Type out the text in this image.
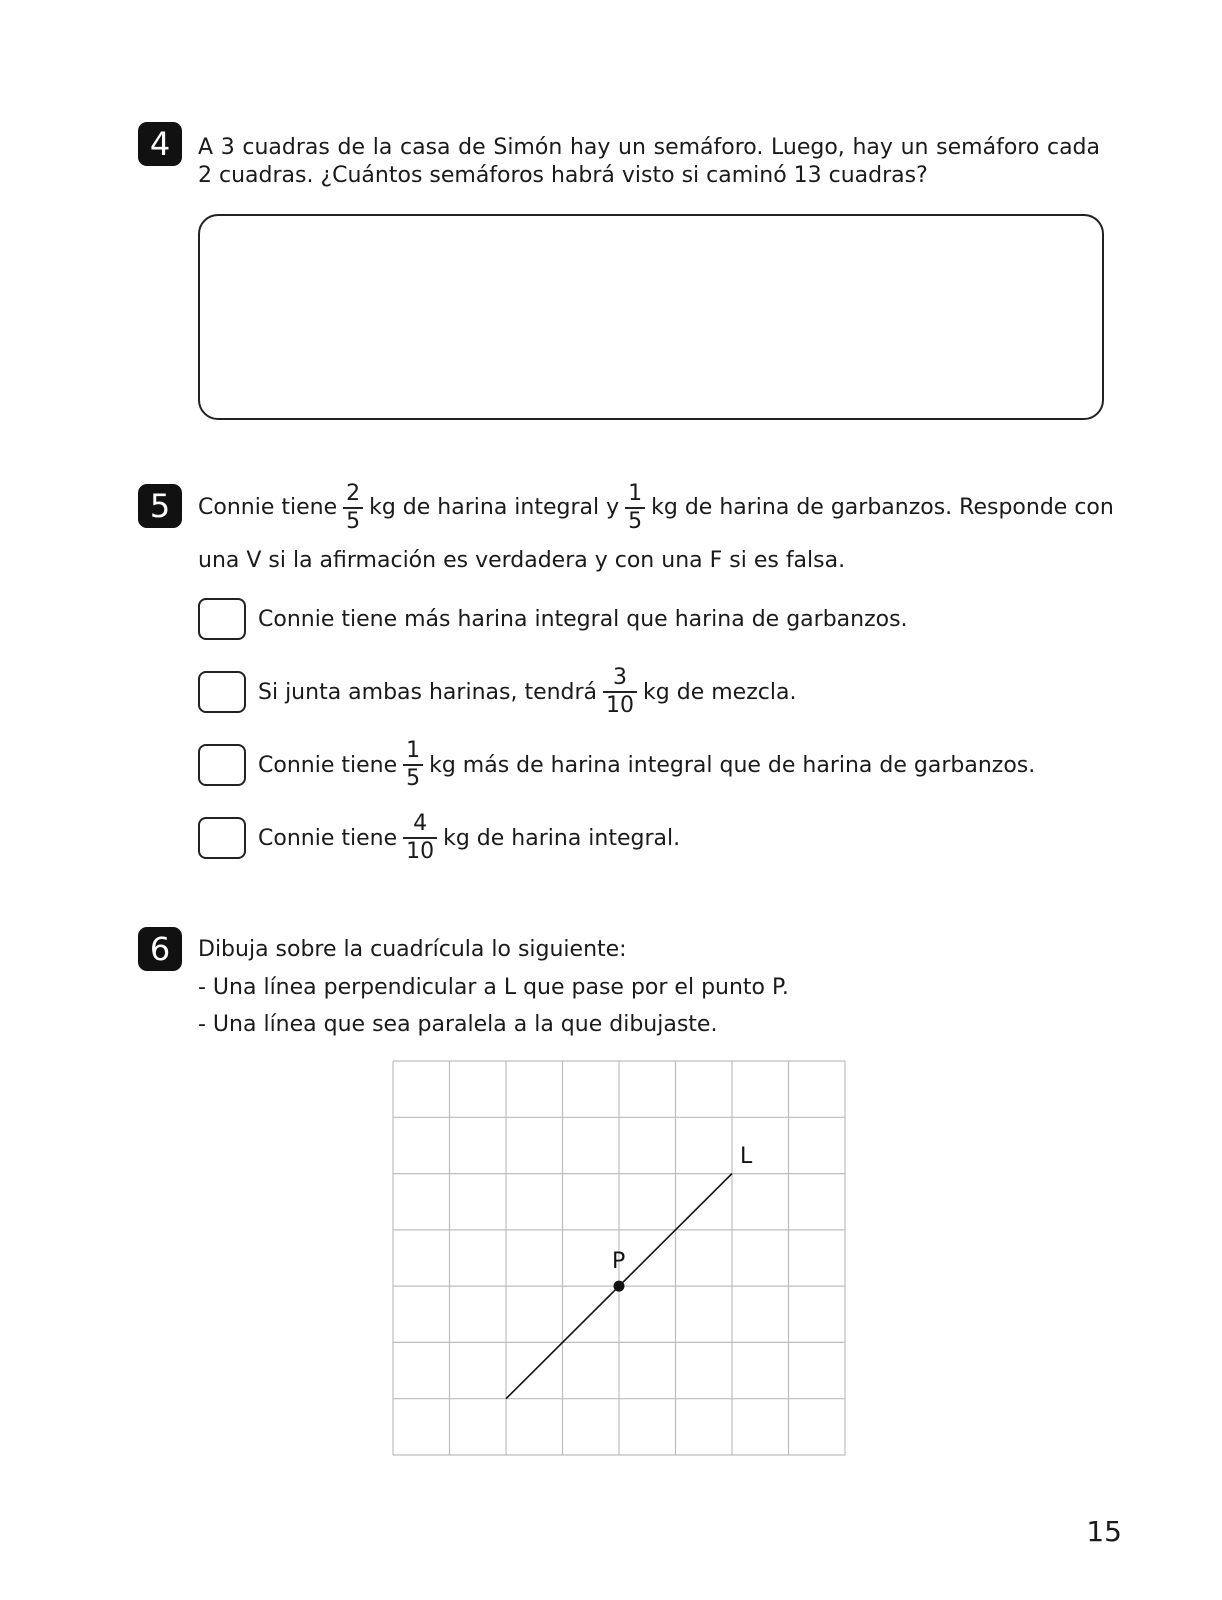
4	A 3 cuadras de la casa de Simón hay un semáforo. Luego, hay un semáforo cada 2 cuadras. ¿Cuántos semáforos habrá visto si caminó 13 cuadras?
5	Connie tiene $\frac{2}{5}$ kg de harina integral y $\frac{1}{5}$ kg de harina de garbanzos. Responde con
una V si la afirmación es verdadera y con una F si es falsa.
Connie tiene más harina integral que harina de garbanzos.
Si junta ambas harinas, tendrá $\frac{3}{10}$ kg de mezcla.
Connie tiene $\frac{1}{5}$ kg más de harina integral que de harina de garbanzos.
Connie tiene $\frac{4}{10}$ kg de harina integral.
6	Dibuja sobre la cuadrícula lo siguiente:
- Una línea perpendicular a L que pase por el punto P.
- Una línea que sea paralela a la que dibujaste.
L
P
15
